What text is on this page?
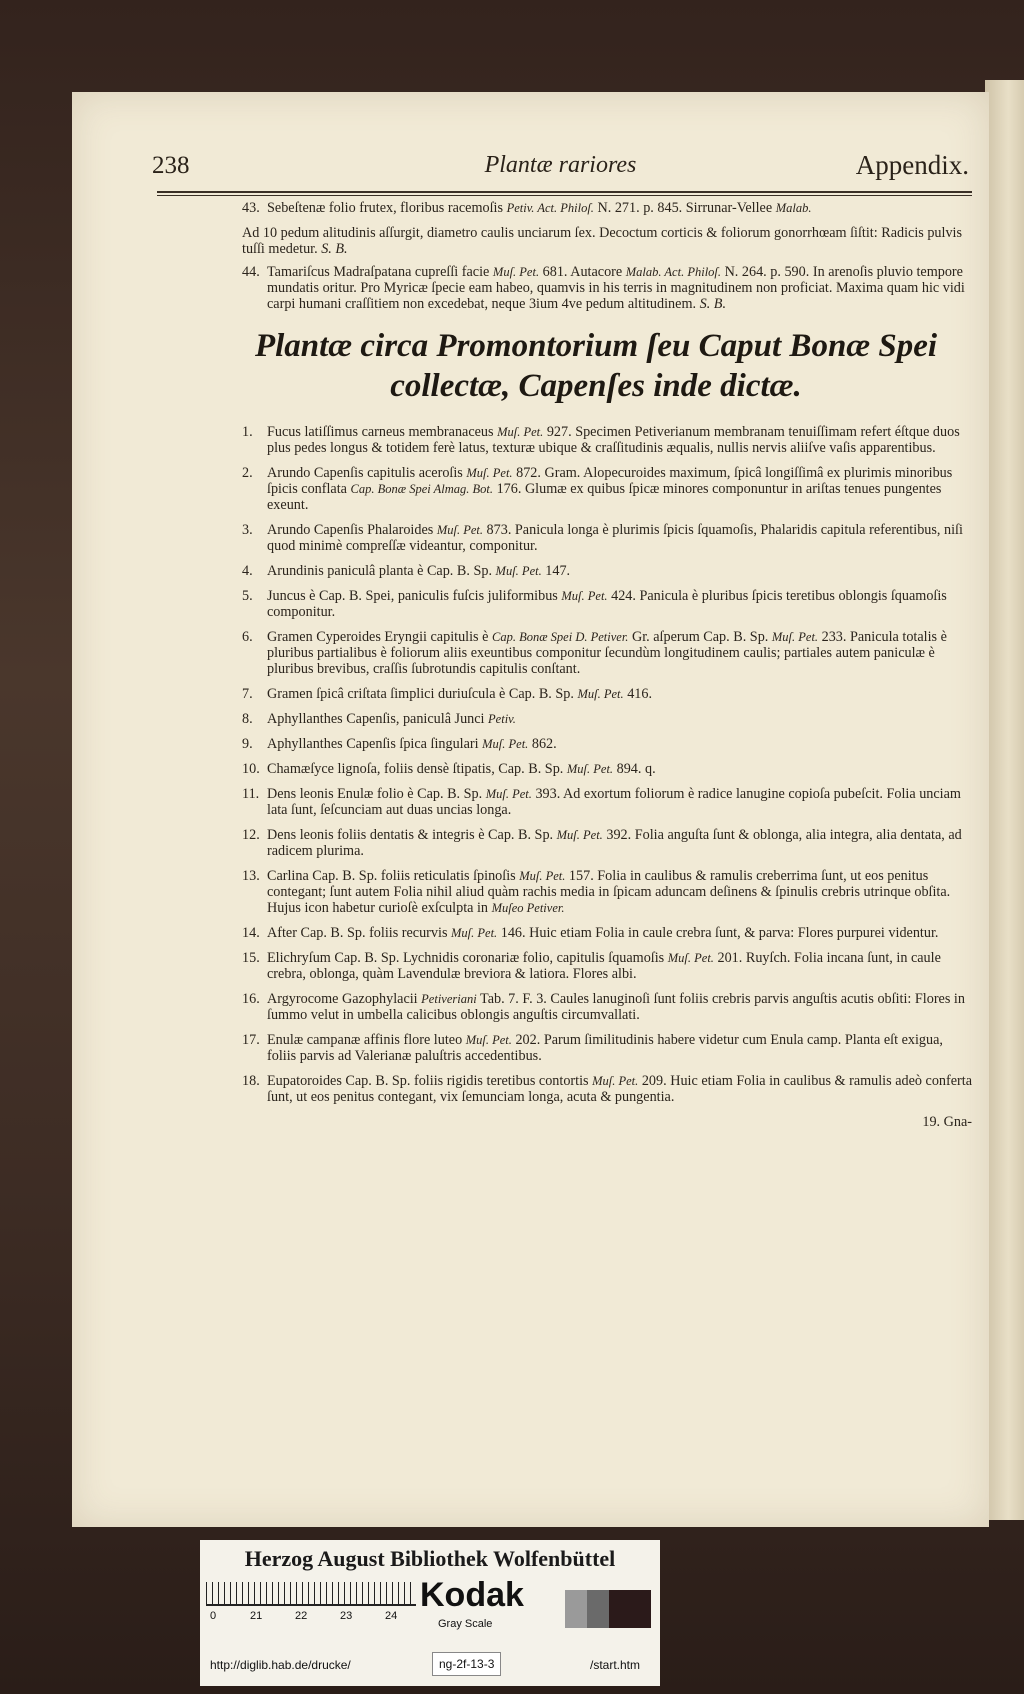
238	Plantæ rariores	Appendix.
43. Sebeſtenæ folio frutex, floribus racemoſis Petiv. Act. Philoſ. N. 271. p. 845. Sirrunar-Vellee Malab.
Ad 10 pedum alitudinis aſſurgit, diametro caulis unciarum ſex. Decoctum corticis & foliorum gonorrhœam ſiſtit: Radicis pulvis tuſſi medetur. S. B.
44. Tamariſcus Madraſpatana cupreſſi facie Muſ. Pet. 681. Autacore Malab. Act. Philoſ. N. 264. p. 590. In arenoſis pluvio tempore mundatis oritur. Pro Myricæ ſpecie eam habeo, quamvis in his terris in magnitudinem non proficiat. Maxima quam hic vidi carpi humani craſſitiem non excedebat, neque 3ium 4ve pedum altitudinem. S. B.
Plantæ circa Promontorium ſeu Caput Bonæ Spei
collectæ, Capenſes inde dictæ.
1. Fucus latiſſimus carneus membranaceus Muſ. Pet. 927. Specimen Petiverianum membranam tenuiſſimam refert éſtque duos plus pedes longus & totidem ferè latus, texturæ ubique & craſſitudinis æqualis, nullis nervis aliiſve vaſis apparentibus.
2. Arundo Capenſis capitulis aceroſis Muſ. Pet. 872. Gram. Alopecuroides maximum, ſpicâ longiſſimâ ex plurimis minoribus ſpicis conflata Cap. Bonæ Spei Almag. Bot. 176. Glumæ ex quibus ſpicæ minores componuntur in ariſtas tenues pungentes exeunt.
3. Arundo Capenſis Phalaroides Muſ. Pet. 873. Panicula longa è plurimis ſpicis ſquamoſis, Phalaridis capitula referentibus, niſi quod minimè compreſſæ videantur, componitur.
4. Arundinis paniculâ planta è Cap. B. Sp. Muſ. Pet. 147.
5. Juncus è Cap. B. Spei, paniculis fuſcis juliformibus Muſ. Pet. 424. Panicula è pluribus ſpicis teretibus oblongis ſquamoſis componitur.
6. Gramen Cyperoides Eryngii capitulis è Cap. Bonæ Spei D. Petiver. Gr. aſperum Cap. B. Sp. Muſ. Pet. 233. Panicula totalis è pluribus partialibus è foliorum aliis exeuntibus componitur ſecundùm longitudinem caulis; partiales autem paniculæ è pluribus brevibus, craſſis ſubrotundis capitulis conſtant.
7. Gramen ſpicâ criſtata ſimplici duriuſcula è Cap. B. Sp. Muſ. Pet. 416.
8. Aphyllanthes Capenſis, paniculâ Junci Petiv.
9. Aphyllanthes Capenſis ſpica ſingulari Muſ. Pet. 862.
10. Chamæſyce lignoſa, foliis densè ſtipatis, Cap. B. Sp. Muſ. Pet. 894. q.
11. Dens leonis Enulæ folio è Cap. B. Sp. Muſ. Pet. 393. Ad exortum foliorum è radice lanugine copioſa pubeſcit. Folia unciam lata ſunt, ſeſcunciam aut duas uncias longa.
12. Dens leonis foliis dentatis & integris è Cap. B. Sp. Muſ. Pet. 392. Folia anguſta ſunt & oblonga, alia integra, alia dentata, ad radicem plurima.
13. Carlina Cap. B. Sp. foliis reticulatis ſpinoſis Muſ. Pet. 157. Folia in caulibus & ramulis creberrima ſunt, ut eos penitus contegant; ſunt autem Folia nihil aliud quàm rachis media in ſpicam aduncam deſinens & ſpinulis crebris utrinque obſita. Hujus icon habetur curioſè exſculpta in Muſeo Petiver.
14. After Cap. B. Sp. foliis recurvis Muſ. Pet. 146. Huic etiam Folia in caule crebra ſunt, & parva: Flores purpurei videntur.
15. Elichryſum Cap. B. Sp. Lychnidis coronariæ folio, capitulis ſquamoſis Muſ. Pet. 201. Ruyſch. Folia incana ſunt, in caule crebra, oblonga, quàm Lavendulæ breviora & latiora. Flores albi.
16. Argyrocome Gazophylacii Petiveriani Tab. 7. F. 3. Caules lanuginoſi ſunt foliis crebris parvis anguſtis acutis obſiti: Flores in ſummo velut in umbella calicibus oblongis anguſtis circumvallati.
17. Enulæ campanæ affinis flore luteo Muſ. Pet. 202. Parum ſimilitudinis habere videtur cum Enula camp. Planta eſt exigua, foliis parvis ad Valerianæ paluſtris accedentibus.
18. Eupatoroides Cap. B. Sp. foliis rigidis teretibus contortis Muſ. Pet. 209. Huic etiam Folia in caulibus & ramulis adeò conferta ſunt, ut eos penitus contegant, vix ſemunciam longa, acuta & pungentia.
19. Gna-
Herzog August Bibliothek Wolfenbüttel
0	21	22	23	24
Kodak
Gray Scale
http://diglib.hab.de/drucke/	ng-2f-13-3	/start.htm
